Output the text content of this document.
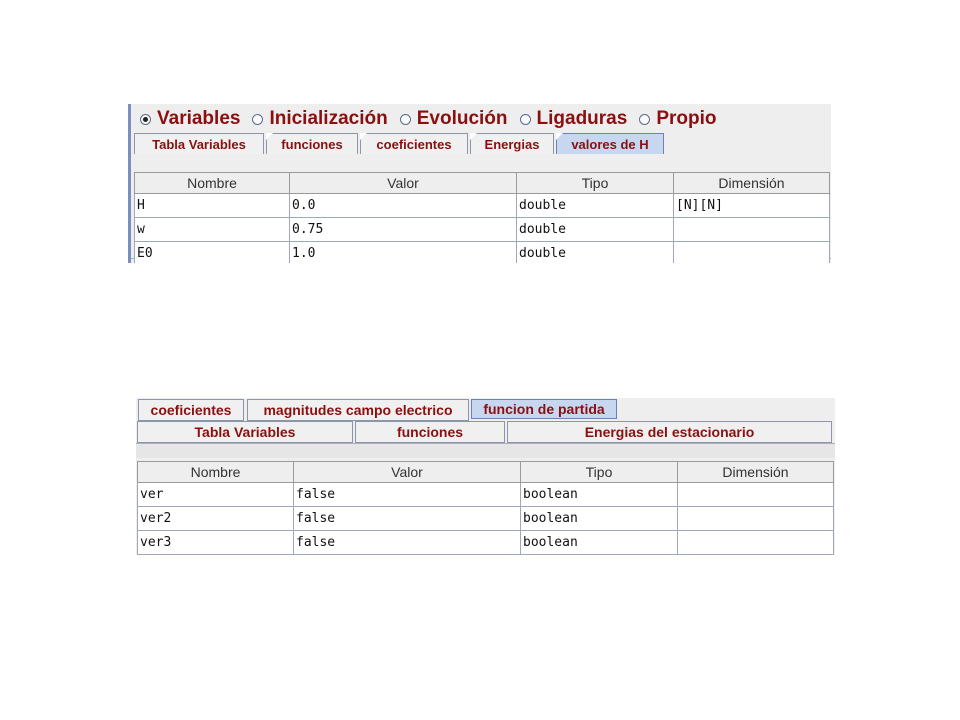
Variables Inicialización Evolución Ligaduras Propio
Tabla Variables	funciones	coeficientes	Energias	valores de H
Nombre	Valor	Tipo	Dimensión
H	0.0	double	[N][N]
w	0.75	double	
E0	1.0	double	
coeficientes	magnitudes campo electrico	funcion de partida
Tabla Variables	funciones	Energias del estacionario
Nombre	Valor	Tipo	Dimensión
ver	false	boolean	
ver2	false	boolean	
ver3	false	boolean	
